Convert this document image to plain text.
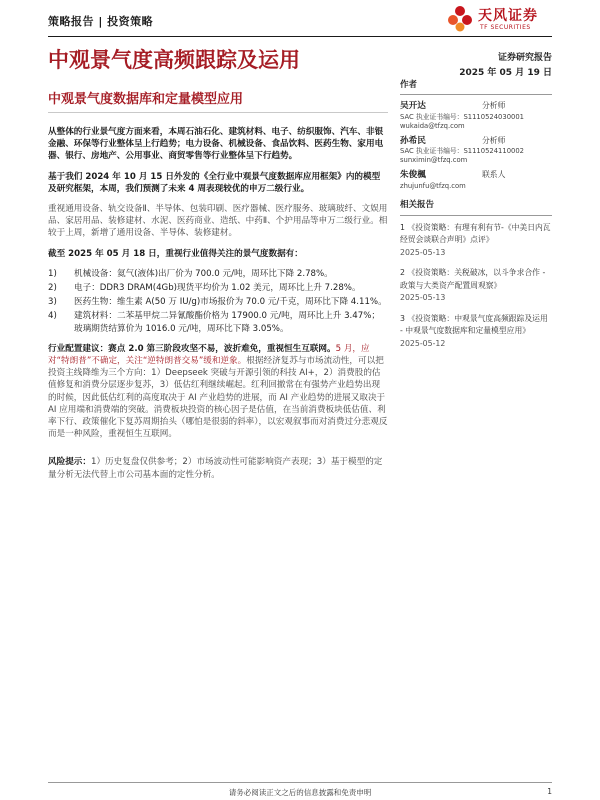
策略报告 | 投资策略	天风证券
TF SECURITIES
中观景气度高频跟踪及运用	证券研究报告
2025 年 05 月 19 日
中观景气度数据库和定量模型应用

从整体的行业景气度方面来看，本周石油石化、建筑材料、电子、纺织服饰、汽车、非银金融、环保等行业整体呈上行趋势；电力设备、机械设备、食品饮料、医药生物、家用电器、银行、房地产、公用事业、商贸零售等行业整体呈下行趋势。

基于我们 2024 年 10 月 15 日外发的《全行业中观景气度数据库应用框架》内的模型及研究框架，本周，我们预测了未来 4 周表现较优的申万二级行业。

重视通用设备、轨交设备Ⅱ、半导体、包装印刷、医疗器械、医疗服务、玻璃玻纤、文娱用品、家居用品、装修建材、水泥、医药商业、造纸、中药Ⅱ、个护用品等申万二级行业。相较于上周，新增了通用设备、半导体、装修建材。

截至 2025 年 05 月 18 日，重视行业值得关注的景气度数据有：

1)	机械设备：氦气(液体)出厂价为 700.0 元/吨，周环比下降 2.78%。
2)	电子：DDR3 DRAM(4Gb)现货平均价为 1.02 美元，周环比上升 7.28%。
3)	医药生物：维生素 A(50 万 IU/g)市场报价为 70.0 元/千克，周环比下降 4.11%。
4)	建筑材料：二苯基甲烷二异氰酸酯价格为 17900.0 元/吨，周环比上升 3.47%；玻璃期货结算价为 1016.0 元/吨，周环比下降 3.05%。

行业配置建议：赛点 2.0 第三阶段攻坚不易，波折难免，重视恒生互联网。5 月，应对“特朗普”不确定，关注“逆特朗普交易”缓和逆象。根据经济复苏与市场流动性，可以把投资主线降维为三个方向：1）Deepseek 突破与开源引领的科技 AI+，2）消费股的估值修复和消费分层逐步复苏，3）低估红利继续崛起。红利回撤常在有强势产业趋势出现的时候，因此低估红利的高度取决于 AI 产业趋势的进展，而 AI 产业趋势的进展又取决于 AI 应用端和消费端的突破。消费板块投资的核心因子是估值，在当前消费板块低估值、利率下行、政策催化下复苏周期抬头（哪怕是很弱的斜率），以宏观叙事而对消费过分悲观反而是一种风险，重视恒生互联网。

风险提示：1）历史复盘仅供参考；2）市场波动性可能影响资产表现；3）基于模型的定量分析无法代替上市公司基本面的定性分析。

作者
吴开达	分析师
SAC 执业证书编号：S1110524030001
wukaida@tfzq.com
孙希民	分析师
SAC 执业证书编号：S1110524110002
sunximin@tfzq.com
朱俊楓	联系人
zhujunfu@tfzq.com
相关报告
1 《投资策略：有理有利有节-《中美日内瓦经贸会谈联合声明》点评》
2025-05-13
2 《投资策略：关税破冰，以斗争求合作 - 政策与大类资产配置周观察》
2025-05-13
3 《投资策略：中观景气度高频跟踪及运用 - 中观景气度数据库和定量模型应用》
2025-05-12
请务必阅读正文之后的信息披露和免责申明	1
